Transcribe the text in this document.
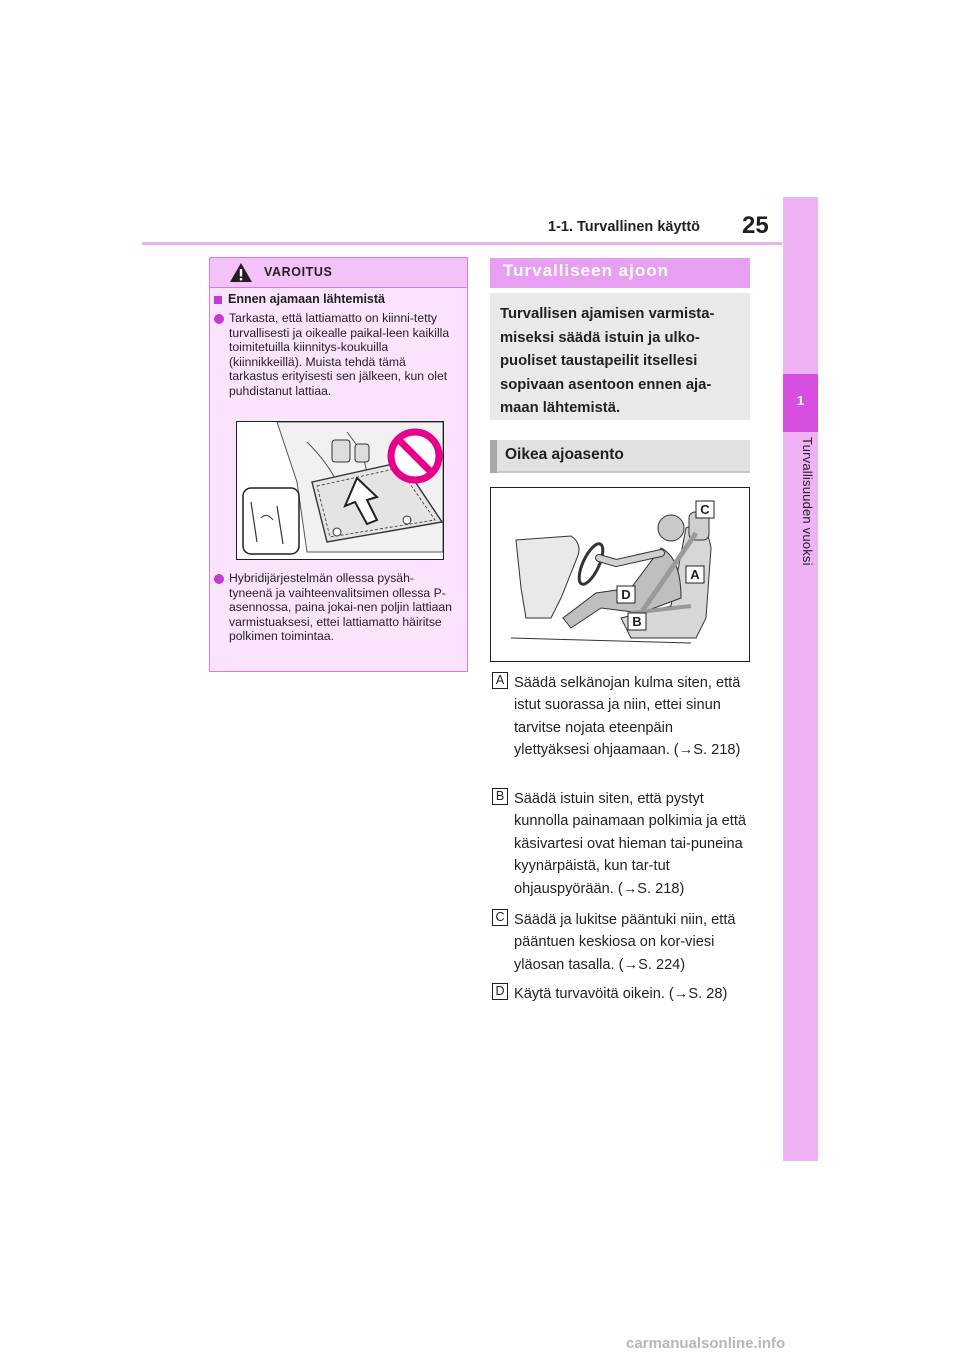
1-1. Turvallinen käyttö 25
1
Turvallisuuden vuoksi
VAROITUS
Ennen ajamaan lähtemistä
Tarkasta, että lattiamatto on kiinni-tetty turvallisesti ja oikealle paikal-leen kaikilla toimitetuilla kiinnitys-koukuilla (kiinnikkeillä). Muista tehdä tämä tarkastus erityisesti sen jälkeen, kun olet puhdistanut lattiaa.
Hybridijärjestelmän ollessa pysäh-tyneenä ja vaihteenvalitsimen ollessa P-asennossa, paina jokai-nen poljin lattiaan varmistuaksesi, ettei lattiamatto häiritse polkimen toimintaa.
Turvalliseen ajoon
Turvallisen ajamisen varmista-miseksi säädä istuin ja ulko-puoliset taustapeilit itsellesi sopivaan asentoon ennen aja-maan lähtemistä.
Oikea ajoasento
C
A
D
B
A Säädä selkänojan kulma siten, että istut suorassa ja niin, ettei sinun tarvitse nojata eteenpäin ylettyäksesi ohjaamaan. (→S. 218)
B Säädä istuin siten, että pystyt kunnolla painamaan polkimia ja että käsivartesi ovat hieman tai-puneina kyynärpäistä, kun tar-tut ohjauspyörään. (→S. 218)
C Säädä ja lukitse pääntuki niin, että pääntuen keskiosa on kor-viesi yläosan tasalla. (→S. 224)
D Käytä turvavöitä oikein. (→S. 28)
carmanualsonline.info
